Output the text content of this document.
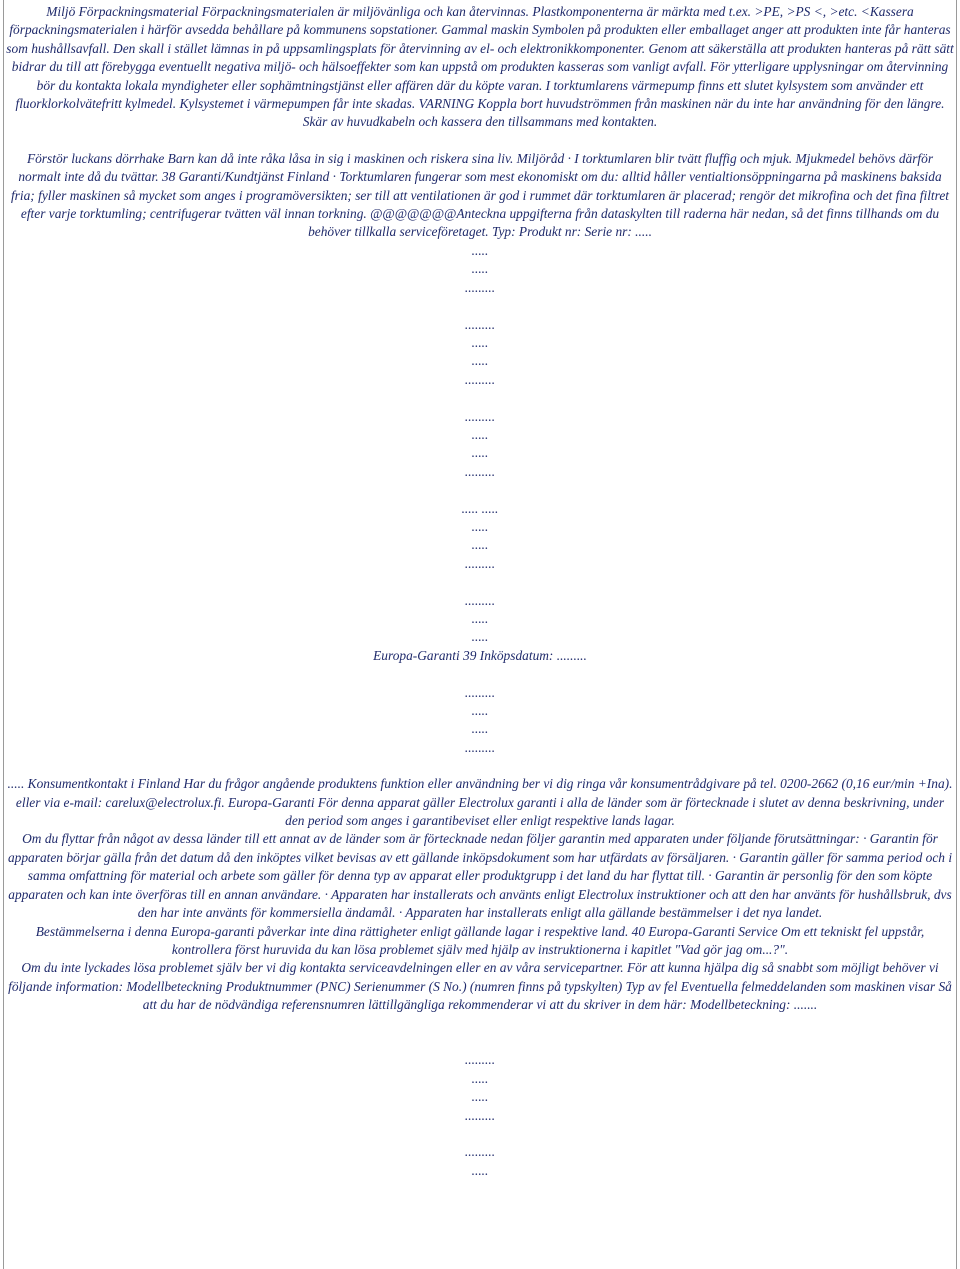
Miljö Förpackningsmaterial Förpackningsmaterialen är miljövänliga och kan återvinnas. Plastkomponenterna är märkta med t.ex. >PE, >PS <, >etc. <Kassera förpackningsmaterialen i härför avsedda behållare på kommunens sopstationer. Gammal maskin Symbolen på produkten eller emballaget anger att produkten inte får hanteras som hushållsavfall. Den skall i stället lämnas in på uppsamlingsplats för återvinning av el- och elektronikkomponenter. Genom att säkerställa att produkten hanteras på rätt sätt bidrar du till att förebygga eventuellt negativa miljö- och hälsoeffekter som kan uppstå om produkten kasseras som vanligt avfall. För ytterligare upplysningar om återvinning bör du kontakta lokala myndigheter eller sophämtningstjänst eller affären där du köpte varan. I torktumlarens värmepump finns ett slutet kylsystem som använder ett fluorklorkolvätefritt kylmedel. Kylsystemet i värmepumpen får inte skadas. VARNING Koppla bort huvudströmmen från maskinen när du inte har användning för den längre. Skär av huvudkabeln och kassera den tillsammans med kontakten.

Förstör luckans dörrhake Barn kan då inte råka låsa in sig i maskinen och riskera sina liv. Miljöråd · I torktumlaren blir tvätt fluffig och mjuk. Mjukmedel behövs därför normalt inte då du tvättar. 38 Garanti/Kundtjänst Finland · Torktumlaren fungerar som mest ekonomiskt om du: alltid håller ventialtionsöppningarna på maskinens baksida fria; fyller maskinen så mycket som anges i programöversikten; ser till att ventilationen är god i rummet där torktumlaren är placerad; rengör det mikrofina och det fina filtret efter varje torktumling; centrifugerar tvätten väl innan torkning. @@@@@@@Anteckna uppgifterna från dataskylten till raderna här nedan, så det finns tillhands om du behöver tillkalla serviceföretaget. Typ: Produkt nr: Serie nr: .....

.....

.....

.........

.........

.....

.....

.........

.........

.....

.....

.........

..... .....

.....

.....

.........

.........

.....

.....

Europa-Garanti 39 Inköpsdatum: .........

.........

.....

.....

.........

..... Konsumentkontakt i Finland Har du frågor angående produktens funktion eller användning ber vi dig ringa vår konsumentrådgivare på tel. 0200-2662 (0,16 eur/min +Ina). eller via e-mail: carelux@electrolux.fi. Europa-Garanti För denna apparat gäller Electrolux garanti i alla de länder som är förtecknade i slutet av denna beskrivning, under den period som anges i garantibeviset eller enligt respektive lands lagar.

Om du flyttar från något av dessa länder till ett annat av de länder som är förtecknade nedan följer garantin med apparaten under följande förutsättningar: · Garantin för apparaten börjar gälla från det datum då den inköptes vilket bevisas av ett gällande inköpsdokument som har utfärdats av försäljaren. · Garantin gäller för samma period och i samma omfattning för material och arbete som gäller för denna typ av apparat eller produktgrupp i det land du har flyttat till. · Garantin är personlig för den som köpte apparaten och kan inte överföras till en annan användare. · Apparaten har installerats och använts enligt Electrolux instruktioner och att den har använts för hushållsbruk, dvs den har inte använts för kommersiella ändamål. · Apparaten har installerats enligt alla gällande bestämmelser i det nya landet.

Bestämmelserna i denna Europa-garanti påverkar inte dina rättigheter enligt gällande lagar i respektive land. 40 Europa-Garanti Service Om ett tekniskt fel uppstår, kontrollera först huruvida du kan lösa problemet själv med hjälp av instruktionerna i kapitlet "Vad gör jag om...?".

Om du inte lyckades lösa problemet själv ber vi dig kontakta serviceavdelningen eller en av våra servicepartner. För att kunna hjälpa dig så snabbt som möjligt behöver vi följande information: Modellbeteckning Produktnummer (PNC) Serienummer (S No.) (numren finns på typskylten) Typ av fel Eventuella felmeddelanden som maskinen visar Så att du har de nödvändiga referensnumren lättillgängliga rekommenderar vi att du skriver in dem här: Modellbeteckning: .......

.........

.....

.....

.........

.........

.....
